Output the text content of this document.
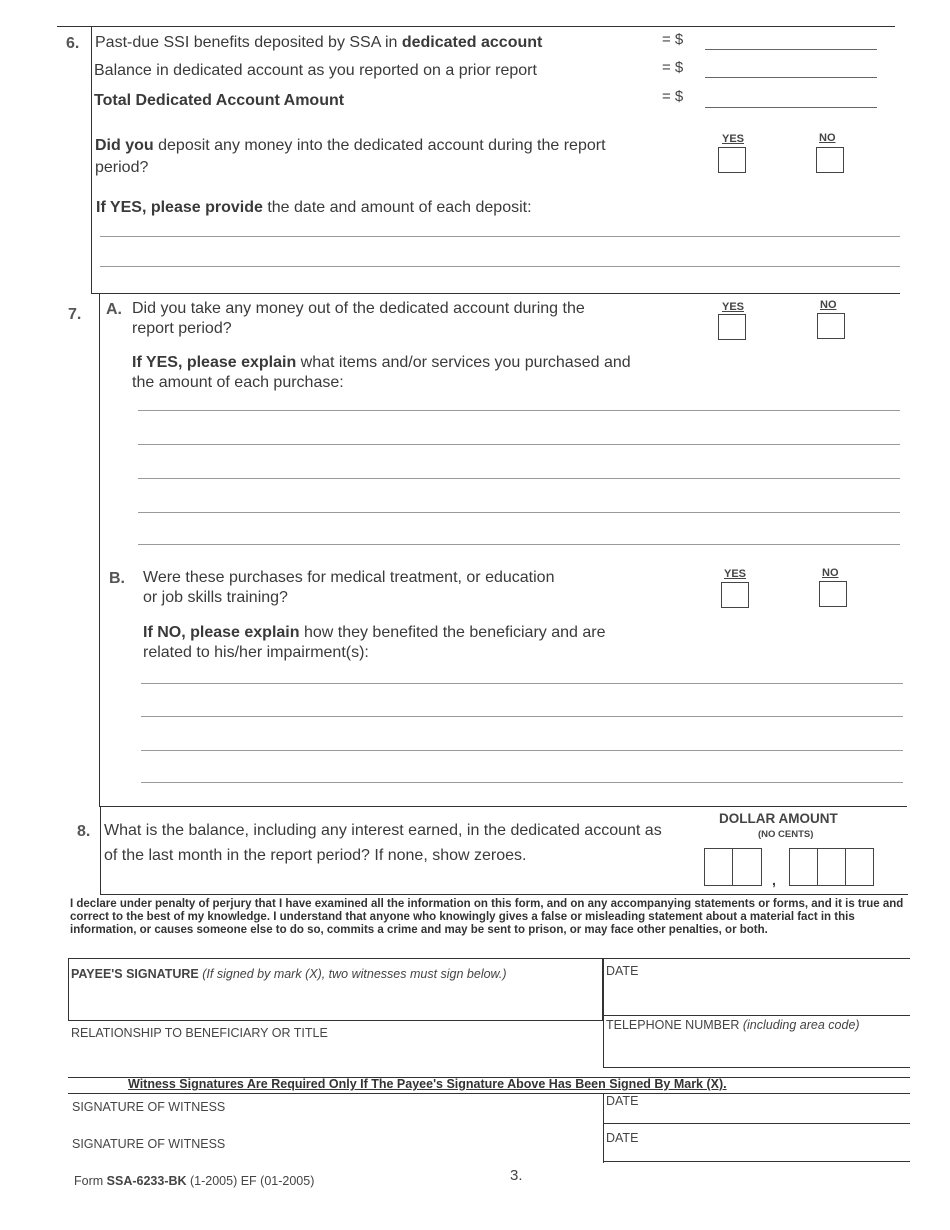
6. Past-due SSI benefits deposited by SSA in dedicated account	= $
Balance in dedicated account as you reported on a prior report	= $
Total Dedicated Account Amount	= $
Did you deposit any money into the dedicated account during the report period?
YES	NO
If YES, please provide the date and amount of each deposit:
7. A. Did you take any money out of the dedicated account during the report period?
YES	NO
If YES, please explain what items and/or services you purchased and the amount of each purchase:
B. Were these purchases for medical treatment, or education or job skills training?
YES	NO
If NO, please explain how they benefited the beneficiary and are related to his/her impairment(s):
8. What is the balance, including any interest earned, in the dedicated account as of the last month in the report period? If none, show zeroes.
DOLLAR AMOUNT
(NO CENTS)
,
I declare under penalty of perjury that I have examined all the information on this form, and on any accompanying statements or forms, and it is true and correct to the best of my knowledge. I understand that anyone who knowingly gives a false or misleading statement about a material fact in this information, or causes someone else to do so, commits a crime and may be sent to prison, or may face other penalties, or both.
PAYEE'S SIGNATURE (If signed by mark (X), two witnesses must sign below.)	DATE
RELATIONSHIP TO BENEFICIARY OR TITLE
TELEPHONE NUMBER (including area code)
Witness Signatures Are Required Only If The Payee's Signature Above Has Been Signed By Mark (X).
SIGNATURE OF WITNESS	DATE
SIGNATURE OF WITNESS	DATE
Form SSA-6233-BK (1-2005) EF (01-2005)	3.
